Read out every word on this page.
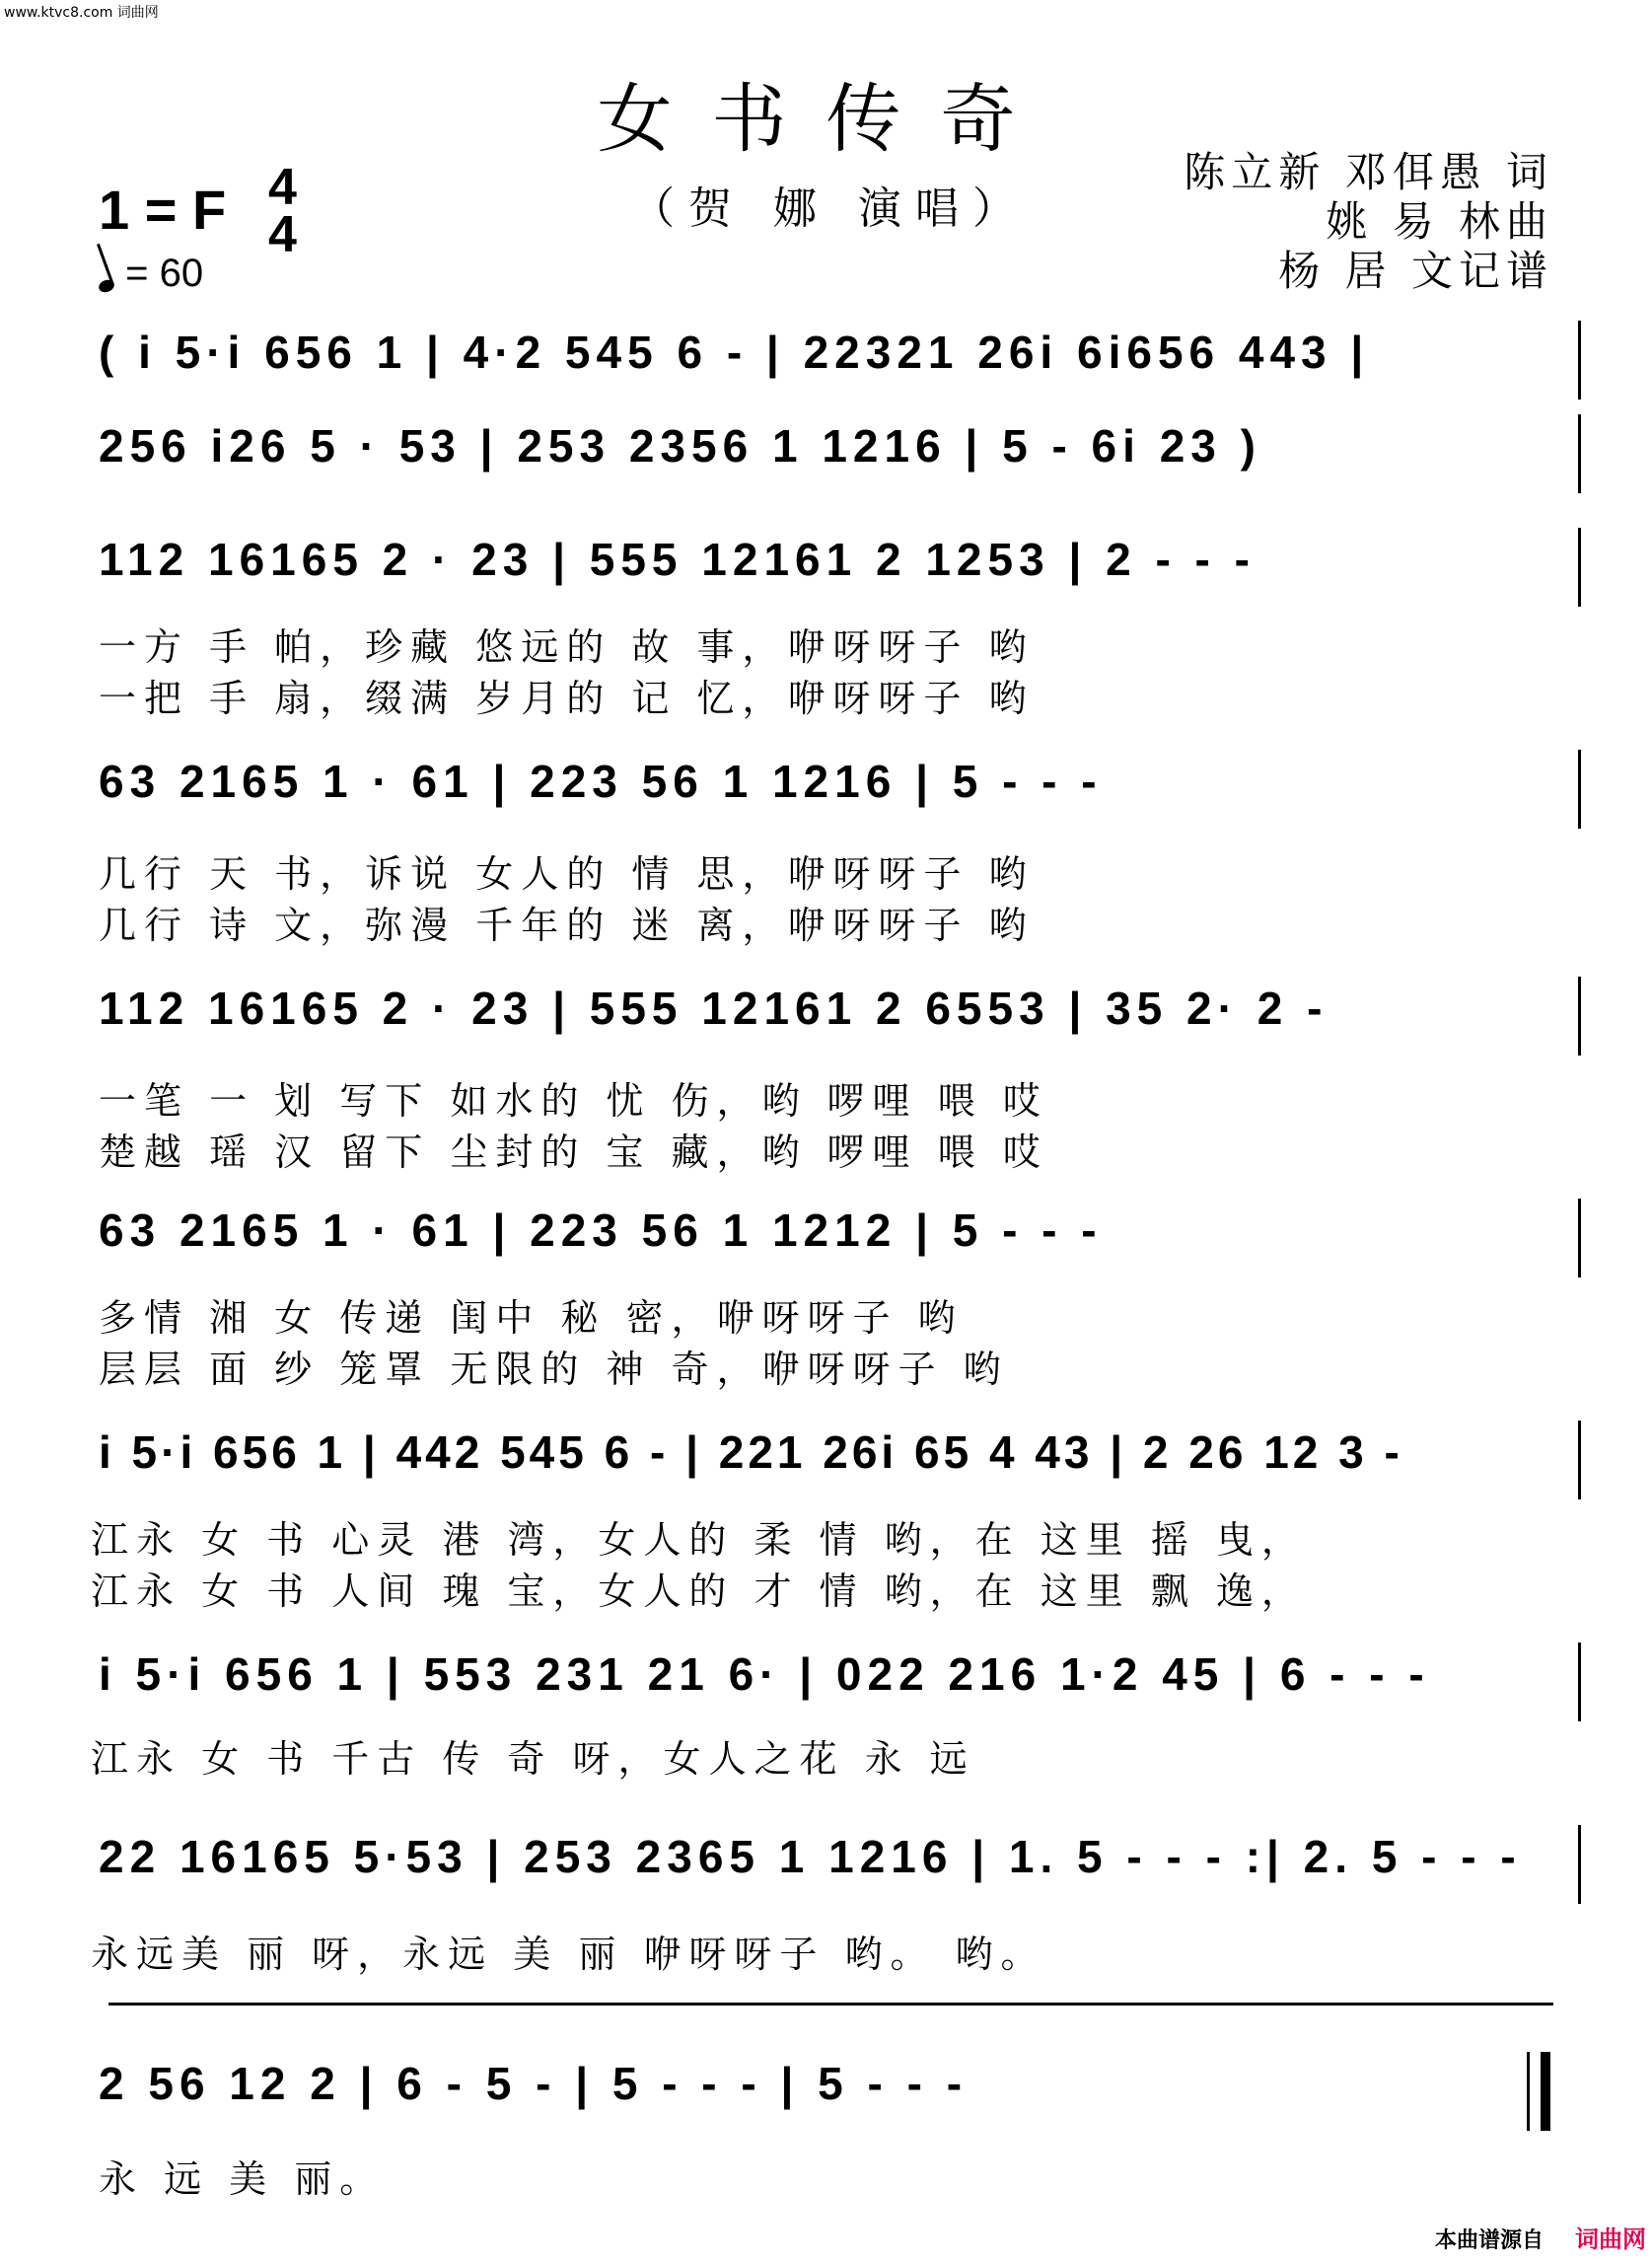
www.ktvc8.com 词曲网
女书传奇
1 = F 4
4
= 60
（贺 娜 演唱）
陈立新 邓佴愚 词
姚 易 林曲
杨 居 文记谱
( i 5·i 656 1 | 4·2 545 6 - | 22321 26i 6i656 443 |
256 i26 5 · 53 | 253 2356 1 1216 | 5 - 6i 23 )
112 16165 2 · 23 | 555 12161 2 1253 | 2 - - -
一方 手 帕，珍藏 悠远的 故 事，咿呀呀子 哟
一把 手 扇，缀满 岁月的 记 忆，咿呀呀子 哟
63 2165 1 · 61 | 223 56 1 1216 | 5 - - -
几行 天 书，诉说 女人的 情 思，咿呀呀子 哟
几行 诗 文，弥漫 千年的 迷 离，咿呀呀子 哟
112 16165 2 · 23 | 555 12161 2 6553 | 35 2· 2 -
一笔 一 划 写下 如水的 忧 伤，哟 啰哩 喂 哎
楚越 瑶 汉 留下 尘封的 宝 藏，哟 啰哩 喂 哎
63 2165 1 · 61 | 223 56 1 1212 | 5 - - -
多情 湘 女 传递 闺中 秘 密，咿呀呀子 哟
层层 面 纱 笼罩 无限的 神 奇，咿呀呀子 哟
i 5·i 656 1 | 442 545 6 - | 221 26i 65 4 43 | 2 26 12 3 -
江永 女 书 心灵 港 湾，女人的 柔 情 哟，在 这里 摇 曳，
江永 女 书 人间 瑰 宝，女人的 才 情 哟，在 这里 飘 逸，
i 5·i 656 1 | 553 231 21 6· | 022 216 1·2 45 | 6 - - -
江永 女 书 千古 传 奇 呀，女人之花 永 远
22 16165 5·53 | 253 2365 1 1216 | 1. 5 - - - :| 2. 5 - - -
永远美 丽 呀，永远 美 丽 咿呀呀子 哟。 哟。
2 56 12 2 | 6 - 5 - | 5 - - - | 5 - - -
永 远 美 丽。
本曲谱源自 词曲网
